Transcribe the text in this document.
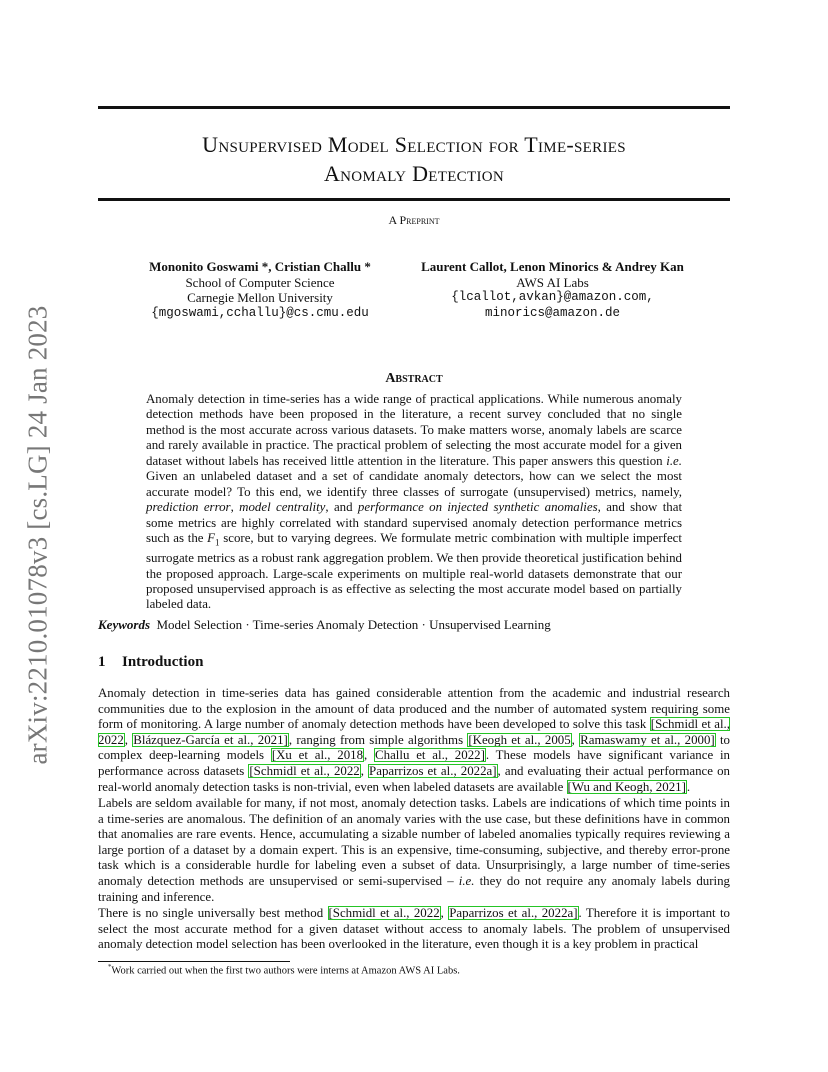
arXiv:2210.01078v3 [cs.LG] 24 Jan 2023
Unsupervised Model Selection for Time-series
Anomaly Detection
A Preprint
Mononito Goswami *, Cristian Challu *
School of Computer Science
Carnegie Mellon University
{mgoswami,cchallu}@cs.cmu.edu
Laurent Callot, Lenon Minorics & Andrey Kan
AWS AI Labs
{lcallot,avkan}@amazon.com,
minorics@amazon.de
Abstract
Anomaly detection in time-series has a wide range of practical applications. While numerous anomaly detection methods have been proposed in the literature, a recent survey concluded that no single method is the most accurate across various datasets. To make matters worse, anomaly labels are scarce and rarely available in practice. The practical problem of selecting the most accurate model for a given dataset without labels has received little attention in the literature. This paper answers this question i.e. Given an unlabeled dataset and a set of candidate anomaly detectors, how can we select the most accurate model? To this end, we identify three classes of surrogate (unsupervised) metrics, namely, prediction error, model centrality, and performance on injected synthetic anomalies, and show that some metrics are highly correlated with standard supervised anomaly detection performance metrics such as the $F_1$ score, but to varying degrees. We formulate metric combination with multiple imperfect surrogate metrics as a robust rank aggregation problem. We then provide theoretical justification behind the proposed approach. Large-scale experiments on multiple real-world datasets demonstrate that our proposed unsupervised approach is as effective as selecting the most accurate model based on partially labeled data.
Keywords Model Selection · Time-series Anomaly Detection · Unsupervised Learning
1 Introduction
Anomaly detection in time-series data has gained considerable attention from the academic and industrial research communities due to the explosion in the amount of data produced and the number of automated system requiring some form of monitoring. A large number of anomaly detection methods have been developed to solve this task [Schmidl et al., 2022, Blázquez-García et al., 2021], ranging from simple algorithms [Keogh et al., 2005, Ramaswamy et al., 2000] to complex deep-learning models [Xu et al., 2018, Challu et al., 2022]. These models have significant variance in performance across datasets [Schmidl et al., 2022, Paparrizos et al., 2022a], and evaluating their actual performance on real-world anomaly detection tasks is non-trivial, even when labeled datasets are available [Wu and Keogh, 2021].
Labels are seldom available for many, if not most, anomaly detection tasks. Labels are indications of which time points in a time-series are anomalous. The definition of an anomaly varies with the use case, but these definitions have in common that anomalies are rare events. Hence, accumulating a sizable number of labeled anomalies typically requires reviewing a large portion of a dataset by a domain expert. This is an expensive, time-consuming, subjective, and thereby error-prone task which is a considerable hurdle for labeling even a subset of data. Unsurprisingly, a large number of time-series anomaly detection methods are unsupervised or semi-supervised – i.e. they do not require any anomaly labels during training and inference.
There is no single universally best method [Schmidl et al., 2022, Paparrizos et al., 2022a]. Therefore it is important to select the most accurate method for a given dataset without access to anomaly labels. The problem of unsupervised anomaly detection model selection has been overlooked in the literature, even though it is a key problem in practical
*Work carried out when the first two authors were interns at Amazon AWS AI Labs.
